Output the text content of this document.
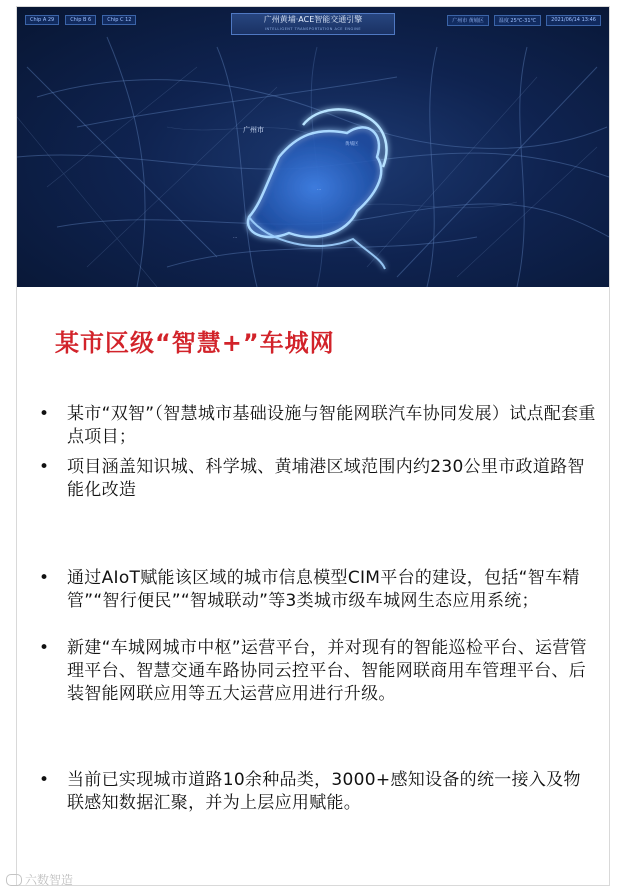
Chip A 29	Chip B 6	Chip C 12	广州黄埔·ACE智能交通引擎
INTELLIGENT TRANSPORTATION ACE ENGINE
广州市 黄埔区	温度 25℃-31℃	2021/06/14 13:46
广州市
黄埔区
...
...
某市区级“智慧+”车城网
• 某市“双智”（智慧城市基础设施与智能网联汽车协同发展）试点配套重点项目；

• 项目涵盖知识城、科学城、黄埔港区域范围内约230公里市政道路智能化改造

• 通过AIoT赋能该区域的城市信息模型CIM平台的建设，包括“智车精管”“智行便民”“智城联动”等3类城市级车城网生态应用系统；

• 新建“车城网城市中枢”运营平台，并对现有的智能巡检平台、运营管理平台、智慧交通车路协同云控平台、智能网联商用车管理平台、后装智能网联应用等五大运营应用进行升级。

• 当前已实现城市道路10余种品类，3000+感知设备的统一接入及物联感知数据汇聚，并为上层应用赋能。

六数智造
